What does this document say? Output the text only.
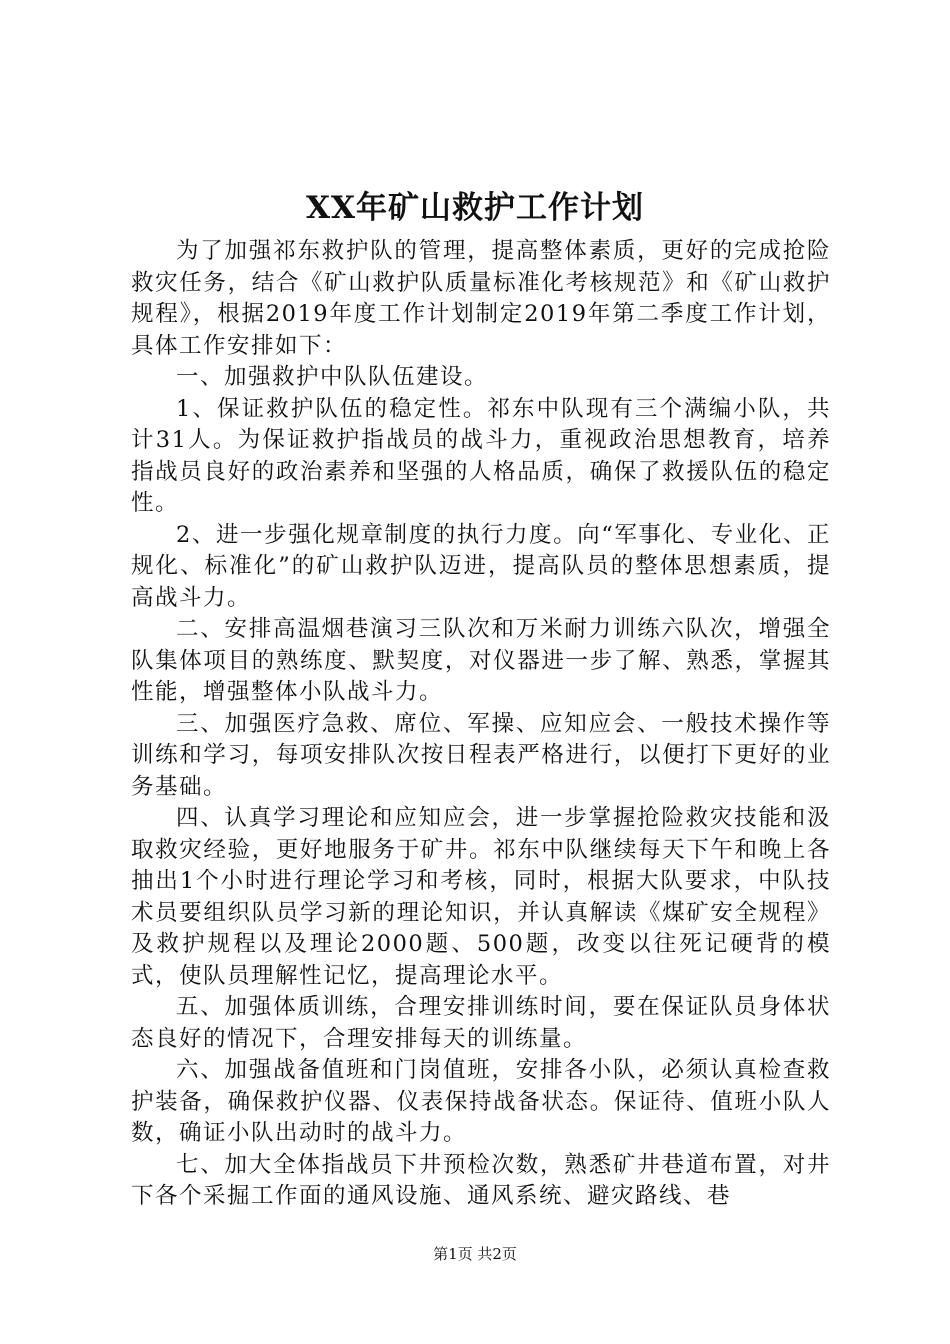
XX年矿山救护工作计划

为了加强祁东救护队的管理，提高整体素质，更好的完成抢险救灾任务，结合《矿山救护队质量标准化考核规范》和《矿山救护规程》，根据2019年度工作计划制定2019年第二季度工作计划，具体工作安排如下：

一、加强救护中队队伍建设。

1、保证救护队伍的稳定性。祁东中队现有三个满编小队，共计31人。为保证救护指战员的战斗力，重视政治思想教育，培养指战员良好的政治素养和坚强的人格品质，确保了救援队伍的稳定性。

2、进一步强化规章制度的执行力度。向“军事化、专业化、正规化、标准化”的矿山救护队迈进，提高队员的整体思想素质，提高战斗力。

二、安排高温烟巷演习三队次和万米耐力训练六队次，增强全队集体项目的熟练度、默契度，对仪器进一步了解、熟悉，掌握其性能，增强整体小队战斗力。

三、加强医疗急救、席位、军操、应知应会、一般技术操作等训练和学习，每项安排队次按日程表严格进行，以便打下更好的业务基础。

四、认真学习理论和应知应会，进一步掌握抢险救灾技能和汲取救灾经验，更好地服务于矿井。祁东中队继续每天下午和晚上各抽出1个小时进行理论学习和考核，同时，根据大队要求，中队技术员要组织队员学习新的理论知识，并认真解读《煤矿安全规程》及救护规程以及理论2000题、500题，改变以往死记硬背的模式，使队员理解性记忆，提高理论水平。

五、加强体质训练，合理安排训练时间，要在保证队员身体状态良好的情况下，合理安排每天的训练量。

六、加强战备值班和门岗值班，安排各小队，必须认真检查救护装备，确保救护仪器、仪表保持战备状态。保证待、值班小队人数，确证小队出动时的战斗力。

七、加大全体指战员下井预检次数，熟悉矿井巷道布置，对井下各个采掘工作面的通风设施、通风系统、避灾路线、巷

第1页 共2页
